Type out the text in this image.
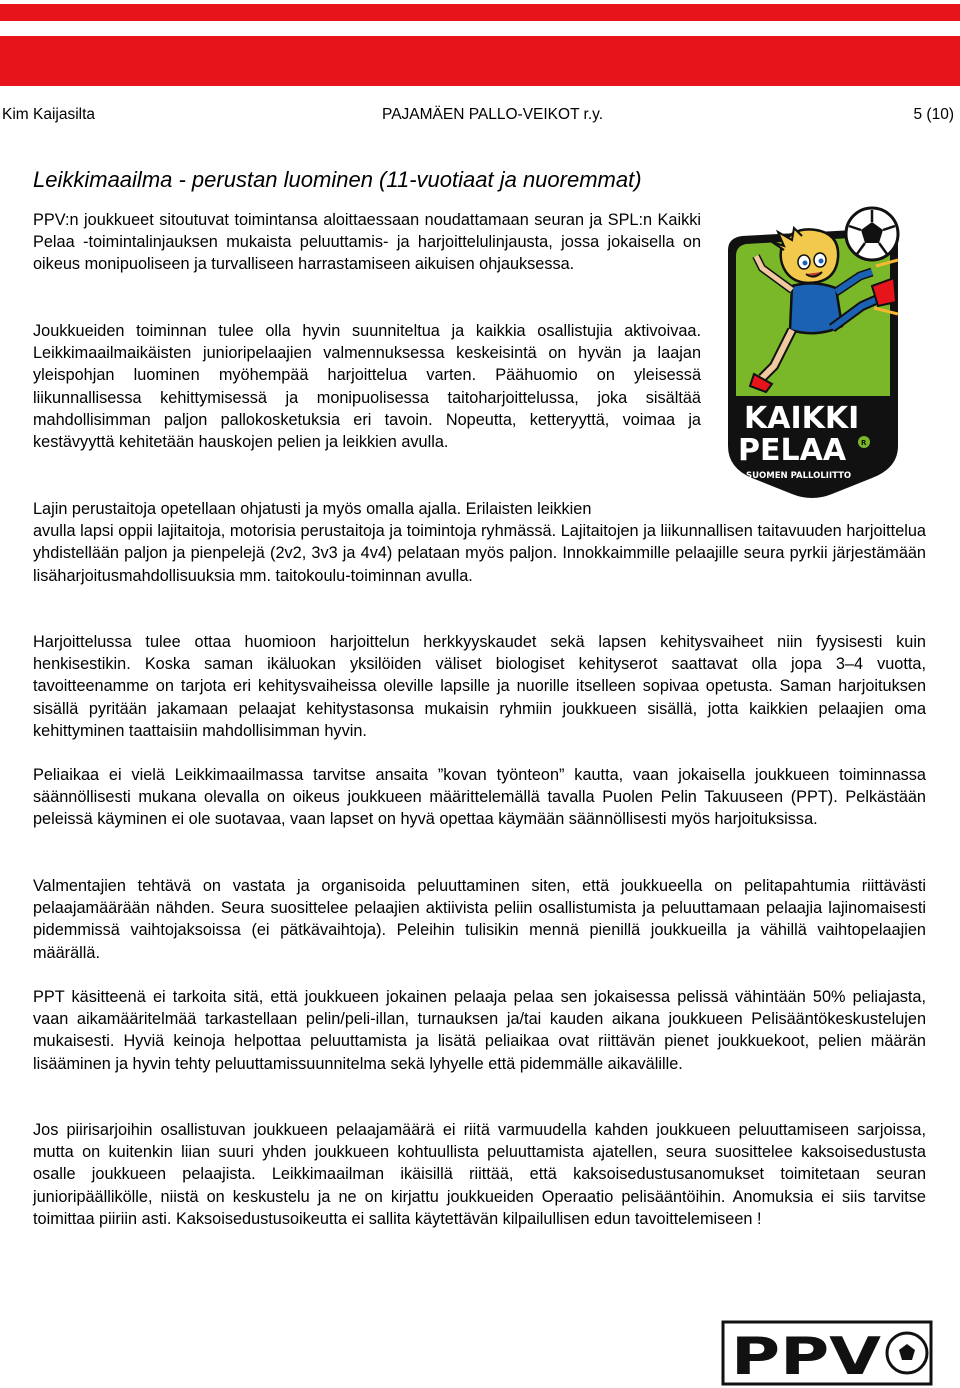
Kim Kaijasilta	PAJAMÄEN PALLO-VEIKOT r.y.	5 (10)
Leikkimaailma - perustan luominen (11-vuotiaat ja nuoremmat)

PPV:n joukkueet sitoutuvat toimintansa aloittaessaan noudattamaan seuran ja SPL:n Kaikki Pelaa -toimintalinjauksen mukaista peluuttamis- ja harjoittelulinjausta, jossa jokaisella on oikeus monipuoliseen ja turvalliseen harrastamiseen aikuisen ohjauksessa.

Joukkueiden toiminnan tulee olla hyvin suunniteltua ja kaikkia osallistujia aktivoivaa. Leikkimaailmaikäisten junioripelaajien valmennuksessa keskeisintä on hyvän ja laajan yleispohjan luominen myöhempää harjoittelua varten. Päähuomio on yleisessä liikunnallisessa kehittymisessä ja monipuolisessa taitoharjoittelussa, joka sisältää mahdollisimman paljon pallokosketuksia eri tavoin. Nopeutta, ketteryyttä, voimaa ja kestävyyttä kehitetään hauskojen pelien ja leikkien avulla.

Lajin perustaitoja opetellaan ohjatusti ja myös omalla ajalla. Erilaisten leikkien
avulla lapsi oppii lajitaitoja, motorisia perustaitoja ja toimintoja ryhmässä. Lajitaitojen ja liikunnallisen taitavuuden harjoittelua yhdistellään paljon ja pienpelejä (2v2, 3v3 ja 4v4) pelataan myös paljon. Innokkaimmille pelaajille seura pyrkii järjestämään lisäharjoitusmahdollisuuksia mm. taitokoulu-toiminnan avulla.

Harjoittelussa tulee ottaa huomioon harjoittelun herkkyyskaudet sekä lapsen kehitysvaiheet niin fyysisesti kuin henkisestikin. Koska saman ikäluokan yksilöiden väliset biologiset kehityserot saattavat olla jopa 3–4 vuotta, tavoitteenamme on tarjota eri kehitysvaiheissa oleville lapsille ja nuorille itselleen sopivaa opetusta. Saman harjoituksen sisällä pyritään jakamaan pelaajat kehitystasonsa mukaisin ryhmiin joukkueen sisällä, jotta kaikkien pelaajien oma kehittyminen taattaisiin mahdollisimman hyvin.

Peliaikaa ei vielä Leikkimaailmassa tarvitse ansaita ”kovan työnteon” kautta, vaan jokaisella joukkueen toiminnassa säännöllisesti mukana olevalla on oikeus joukkueen määrittelemällä tavalla Puolen Pelin Takuuseen (PPT). Pelkästään peleissä käyminen ei ole suotavaa, vaan lapset on hyvä opettaa käymään säännöllisesti myös harjoituksissa.

Valmentajien tehtävä on vastata ja organisoida peluuttaminen siten, että joukkueella on pelitapahtumia riittävästi pelaajamäärään nähden. Seura suosittelee pelaajien aktiivista peliin osallistumista ja peluuttamaan pelaajia lajinomaisesti pidemmissä vaihtojaksoissa (ei pätkävaihtoja). Peleihin tulisikin mennä pienillä joukkueilla ja vähillä vaihtopelaajien määrällä.

PPT käsitteenä ei tarkoita sitä, että joukkueen jokainen pelaaja pelaa sen jokaisessa pelissä vähintään 50% peliajasta, vaan aikamääritelmää tarkastellaan pelin/peli-illan, turnauksen ja/tai kauden aikana joukkueen Pelisääntökeskustelujen mukaisesti. Hyviä keinoja helpottaa peluuttamista ja lisätä peliaikaa ovat riittävän pienet joukkuekoot, pelien määrän lisääminen ja hyvin tehty peluuttamissuunnitelma sekä lyhyelle että pidemmälle aikavälille.

Jos piirisarjoihin osallistuvan joukkueen pelaajamäärä ei riitä varmuudella kahden joukkueen peluuttamiseen sarjoissa, mutta on kuitenkin liian suuri yhden joukkueen kohtuullista peluuttamista ajatellen, seura suosittelee kaksoisedustusta osalle joukkueen pelaajista. Leikkimaailman ikäisillä riittää, että kaksoisedustusanomukset toimitetaan seuran junioripäällikölle, niistä on keskustelu ja ne on kirjattu joukkueiden Operaatio pelisääntöihin. Anomuksia ei siis tarvitse toimittaa piiriin asti. Kaksoisedustusoikeutta ei sallita käytettävän kilpailullisen edun tavoittelemiseen !

KAIKKI
PELAA R
SUOMEN PALLOLIITTO
PPV
